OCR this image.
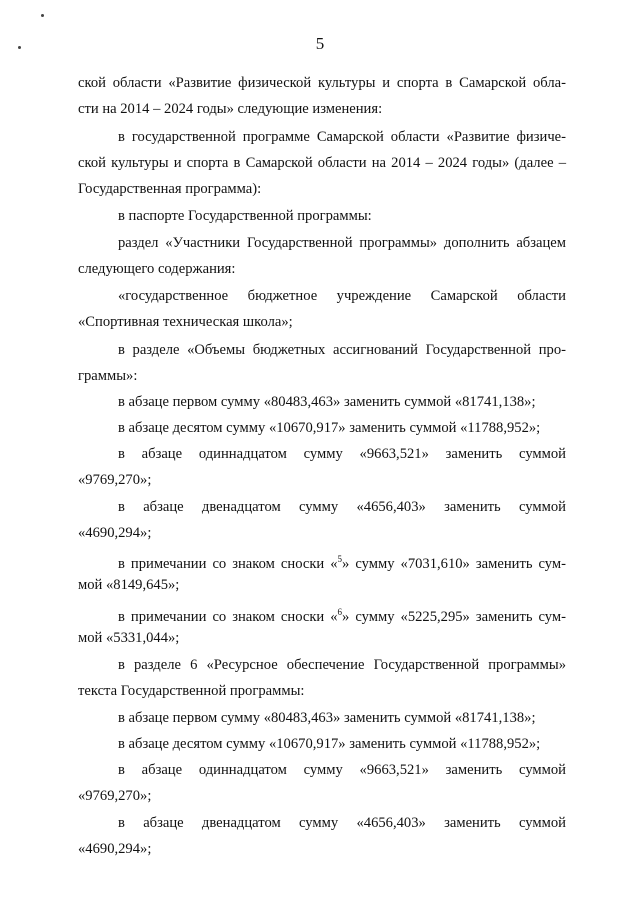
5

ской области «Развитие физической культуры и спорта в Самарской обла-

сти на 2014 – 2024 годы» следующие изменения:

в государственной программе Самарской области «Развитие физиче-

ской культуры и спорта в Самарской области на 2014 – 2024 годы» (далее –

Государственная программа):

в паспорте Государственной программы:

раздел «Участники Государственной программы» дополнить абзацем

следующего содержания:

«государственное бюджетное учреждение Самарской области

«Спортивная техническая школа»;

в разделе «Объемы бюджетных ассигнований Государственной про-

граммы»:

в абзаце первом сумму «80483,463» заменить суммой «81741,138»;

в абзаце десятом сумму «10670,917» заменить суммой «11788,952»;

в абзаце одиннадцатом сумму «9663,521» заменить суммой

«9769,270»;

в абзаце двенадцатом сумму «4656,403» заменить суммой

«4690,294»;

в примечании со знаком сноски «$^5$» сумму «7031,610» заменить сум-

мой «8149,645»;

в примечании со знаком сноски «$^6$» сумму «5225,295» заменить сум-

мой «5331,044»;

в разделе 6 «Ресурсное обеспечение Государственной программы»

текста Государственной программы:

в абзаце первом сумму «80483,463» заменить суммой «81741,138»;

в абзаце десятом сумму «10670,917» заменить суммой «11788,952»;

в абзаце одиннадцатом сумму «9663,521» заменить суммой

«9769,270»;

в абзаце двенадцатом сумму «4656,403» заменить суммой

«4690,294»;
